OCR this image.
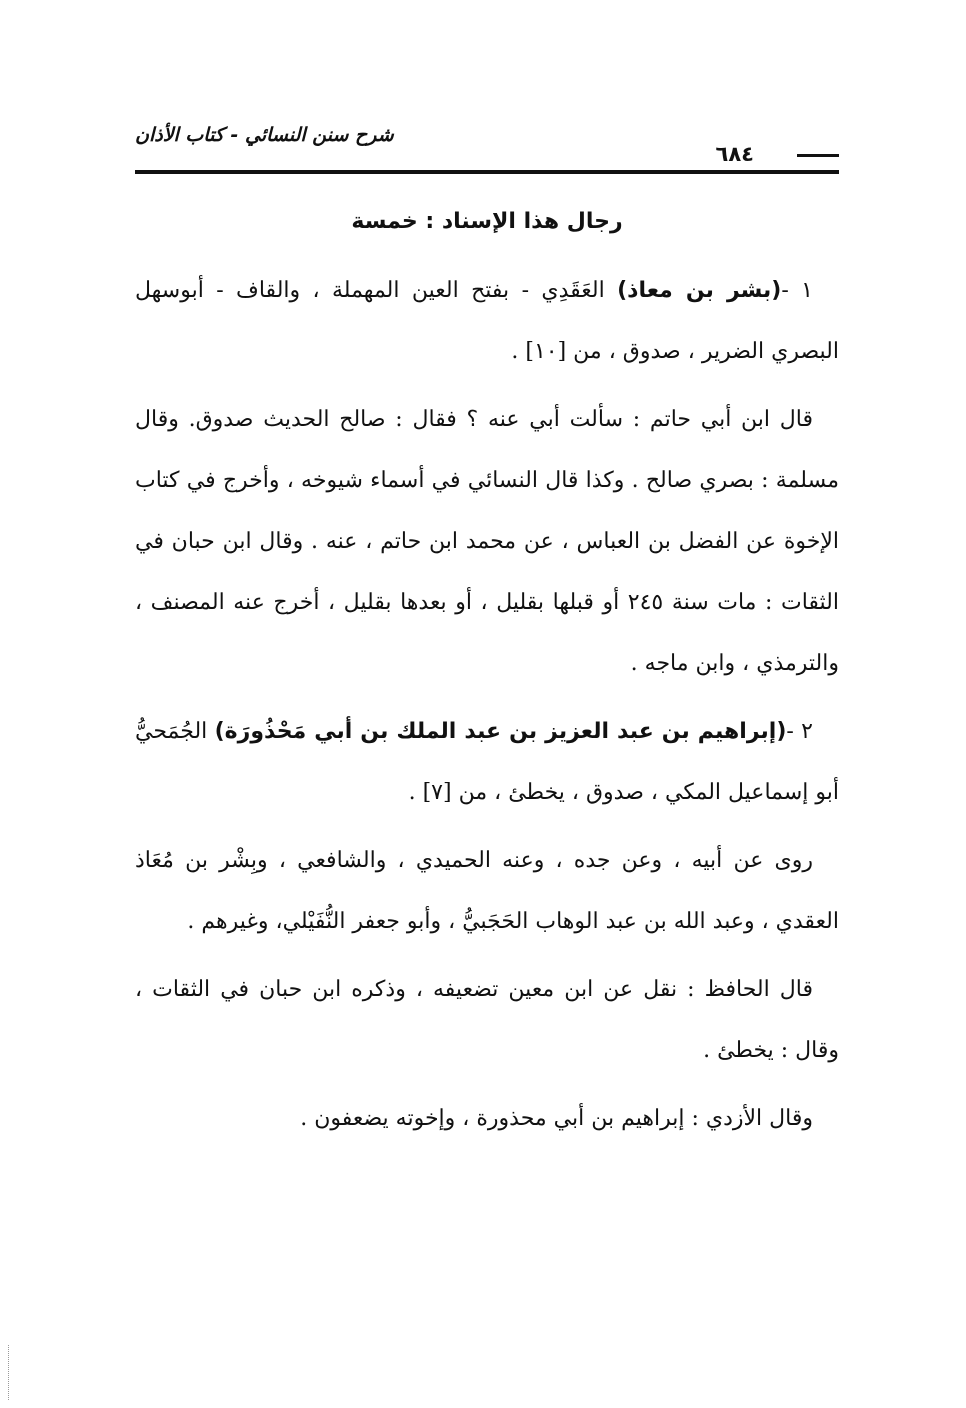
شرح سنن النسائي - كتاب الأذان
٦٨٤
رجال هذا الإسناد : خمسة

١ -(بشر بن معاذ) العَقَدِي - بفتح العين المهملة ، والقاف - أبوسهل البصري الضرير ، صدوق ، من [١٠] .

قال ابن أبي حاتم : سألت أبي عنه ؟ فقال : صالح الحديث صدوق. وقال مسلمة : بصري صالح . وكذا قال النسائي في أسماء شيوخه ، وأخرج في كتاب الإخوة عن الفضل بن العباس ، عن محمد ابن حاتم ، عنه . وقال ابن حبان في الثقات : مات سنة ٢٤٥ أو قبلها بقليل ، أو بعدها بقليل ، أخرج عنه المصنف ، والترمذي ، وابن ماجه .

٢ -(إبراهيم بن عبد العزيز بن عبد الملك بن أبي مَحْذُورَة) الجُمَحيُّ أبو إسماعيل المكي ، صدوق ، يخطئ ، من [٧] .

روى عن أبيه ، وعن جده ، وعنه الحميدي ، والشافعي ، وبِشْر بن مُعَاذ العقدي ، وعبد الله بن عبد الوهاب الحَجَبيُّ ، وأبو جعفر النُّفَيْلي، وغيرهم .

قال الحافظ : نقل عن ابن معين تضعيفه ، وذكره ابن حبان في الثقات ، وقال : يخطئ .

وقال الأزدي : إبراهيم بن أبي محذورة ، وإخوته يضعفون .
